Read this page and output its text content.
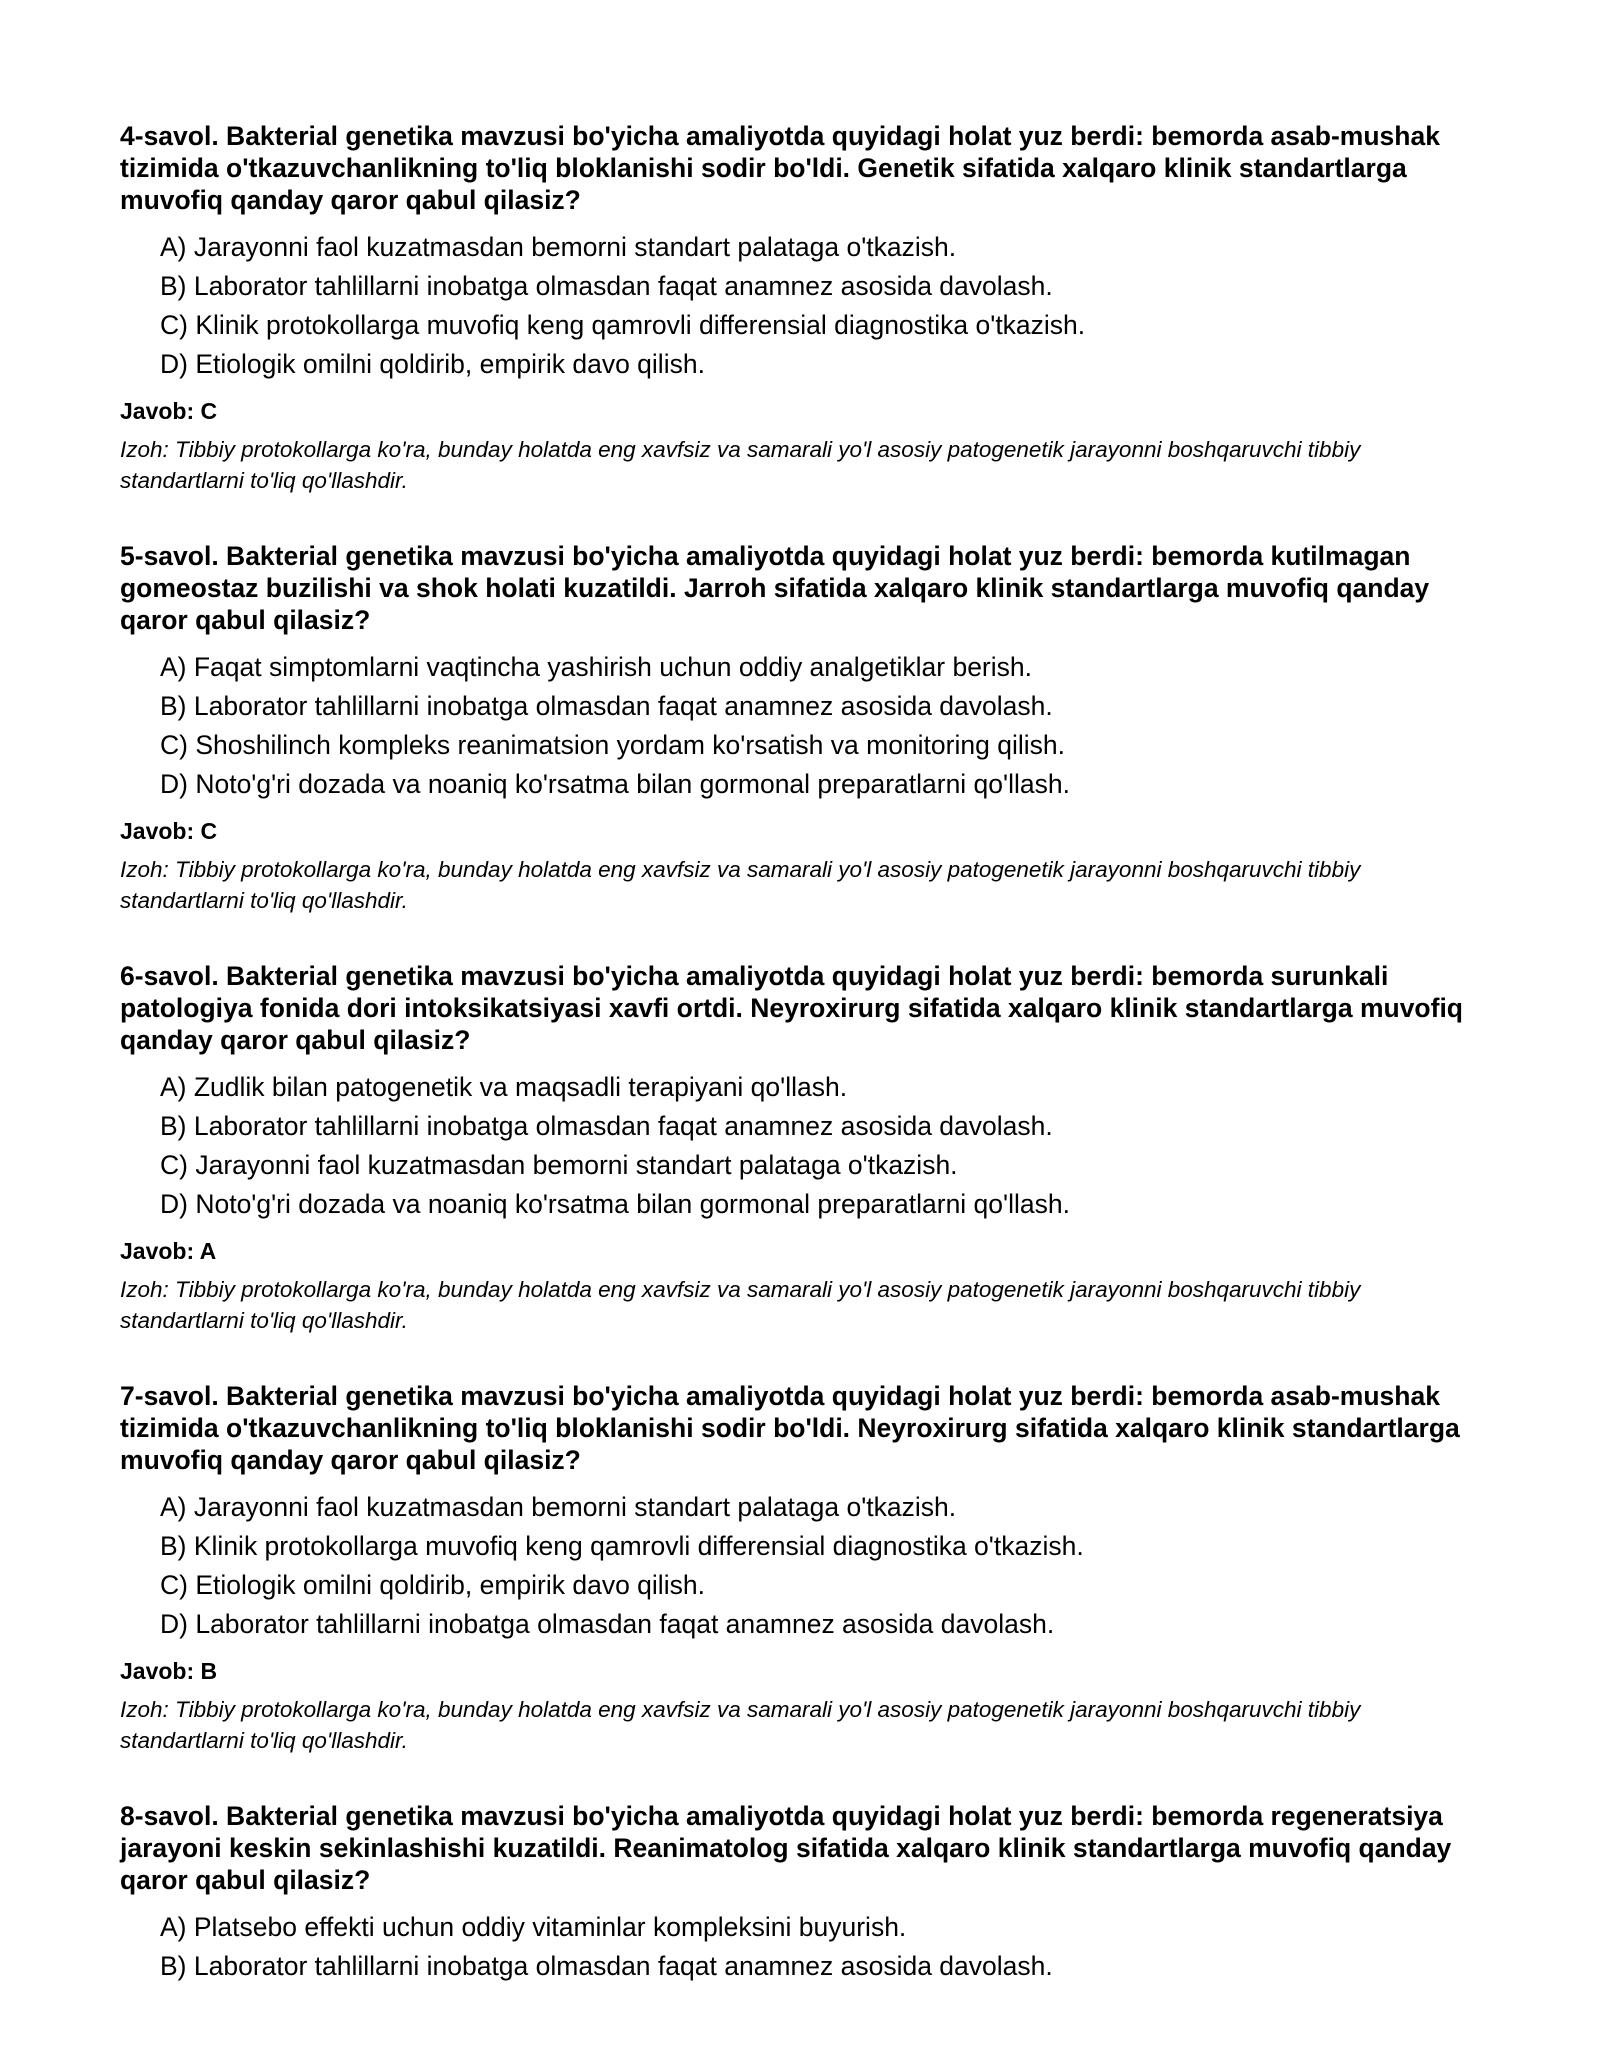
4-savol. Bakterial genetika mavzusi bo'yicha amaliyotda quyidagi holat yuz berdi: bemorda asab-mushak tizimida o'tkazuvchanlikning to'liq bloklanishi sodir bo'ldi. Genetik sifatida xalqaro klinik standartlarga muvofiq qanday qaror qabul qilasiz?
A) Jarayonni faol kuzatmasdan bemorni standart palataga o'tkazish.
B) Laborator tahlillarni inobatga olmasdan faqat anamnez asosida davolash.
C) Klinik protokollarga muvofiq keng qamrovli differensial diagnostika o'tkazish.
D) Etiologik omilni qoldirib, empirik davo qilish.
Javob: C

Izoh: Tibbiy protokollarga ko'ra, bunday holatda eng xavfsiz va samarali yo'l asosiy patogenetik jarayonni boshqaruvchi tibbiy standartlarni to'liq qo'llashdir.

5-savol. Bakterial genetika mavzusi bo'yicha amaliyotda quyidagi holat yuz berdi: bemorda kutilmagan gomeostaz buzilishi va shok holati kuzatildi. Jarroh sifatida xalqaro klinik standartlarga muvofiq qanday qaror qabul qilasiz?
A) Faqat simptomlarni vaqtincha yashirish uchun oddiy analgetiklar berish.
B) Laborator tahlillarni inobatga olmasdan faqat anamnez asosida davolash.
C) Shoshilinch kompleks reanimatsion yordam ko'rsatish va monitoring qilish.
D) Noto'g'ri dozada va noaniq ko'rsatma bilan gormonal preparatlarni qo'llash.
Javob: C

Izoh: Tibbiy protokollarga ko'ra, bunday holatda eng xavfsiz va samarali yo'l asosiy patogenetik jarayonni boshqaruvchi tibbiy standartlarni to'liq qo'llashdir.

6-savol. Bakterial genetika mavzusi bo'yicha amaliyotda quyidagi holat yuz berdi: bemorda surunkali patologiya fonida dori intoksikatsiyasi xavfi ortdi. Neyroxirurg sifatida xalqaro klinik standartlarga muvofiq qanday qaror qabul qilasiz?
A) Zudlik bilan patogenetik va maqsadli terapiyani qo'llash.
B) Laborator tahlillarni inobatga olmasdan faqat anamnez asosida davolash.
C) Jarayonni faol kuzatmasdan bemorni standart palataga o'tkazish.
D) Noto'g'ri dozada va noaniq ko'rsatma bilan gormonal preparatlarni qo'llash.
Javob: A

Izoh: Tibbiy protokollarga ko'ra, bunday holatda eng xavfsiz va samarali yo'l asosiy patogenetik jarayonni boshqaruvchi tibbiy standartlarni to'liq qo'llashdir.

7-savol. Bakterial genetika mavzusi bo'yicha amaliyotda quyidagi holat yuz berdi: bemorda asab-mushak tizimida o'tkazuvchanlikning to'liq bloklanishi sodir bo'ldi. Neyroxirurg sifatida xalqaro klinik standartlarga muvofiq qanday qaror qabul qilasiz?
A) Jarayonni faol kuzatmasdan bemorni standart palataga o'tkazish.
B) Klinik protokollarga muvofiq keng qamrovli differensial diagnostika o'tkazish.
C) Etiologik omilni qoldirib, empirik davo qilish.
D) Laborator tahlillarni inobatga olmasdan faqat anamnez asosida davolash.
Javob: B

Izoh: Tibbiy protokollarga ko'ra, bunday holatda eng xavfsiz va samarali yo'l asosiy patogenetik jarayonni boshqaruvchi tibbiy standartlarni to'liq qo'llashdir.

8-savol. Bakterial genetika mavzusi bo'yicha amaliyotda quyidagi holat yuz berdi: bemorda regeneratsiya jarayoni keskin sekinlashishi kuzatildi. Reanimatolog sifatida xalqaro klinik standartlarga muvofiq qanday qaror qabul qilasiz?
A) Platsebo effekti uchun oddiy vitaminlar kompleksini buyurish.
B) Laborator tahlillarni inobatga olmasdan faqat anamnez asosida davolash.
